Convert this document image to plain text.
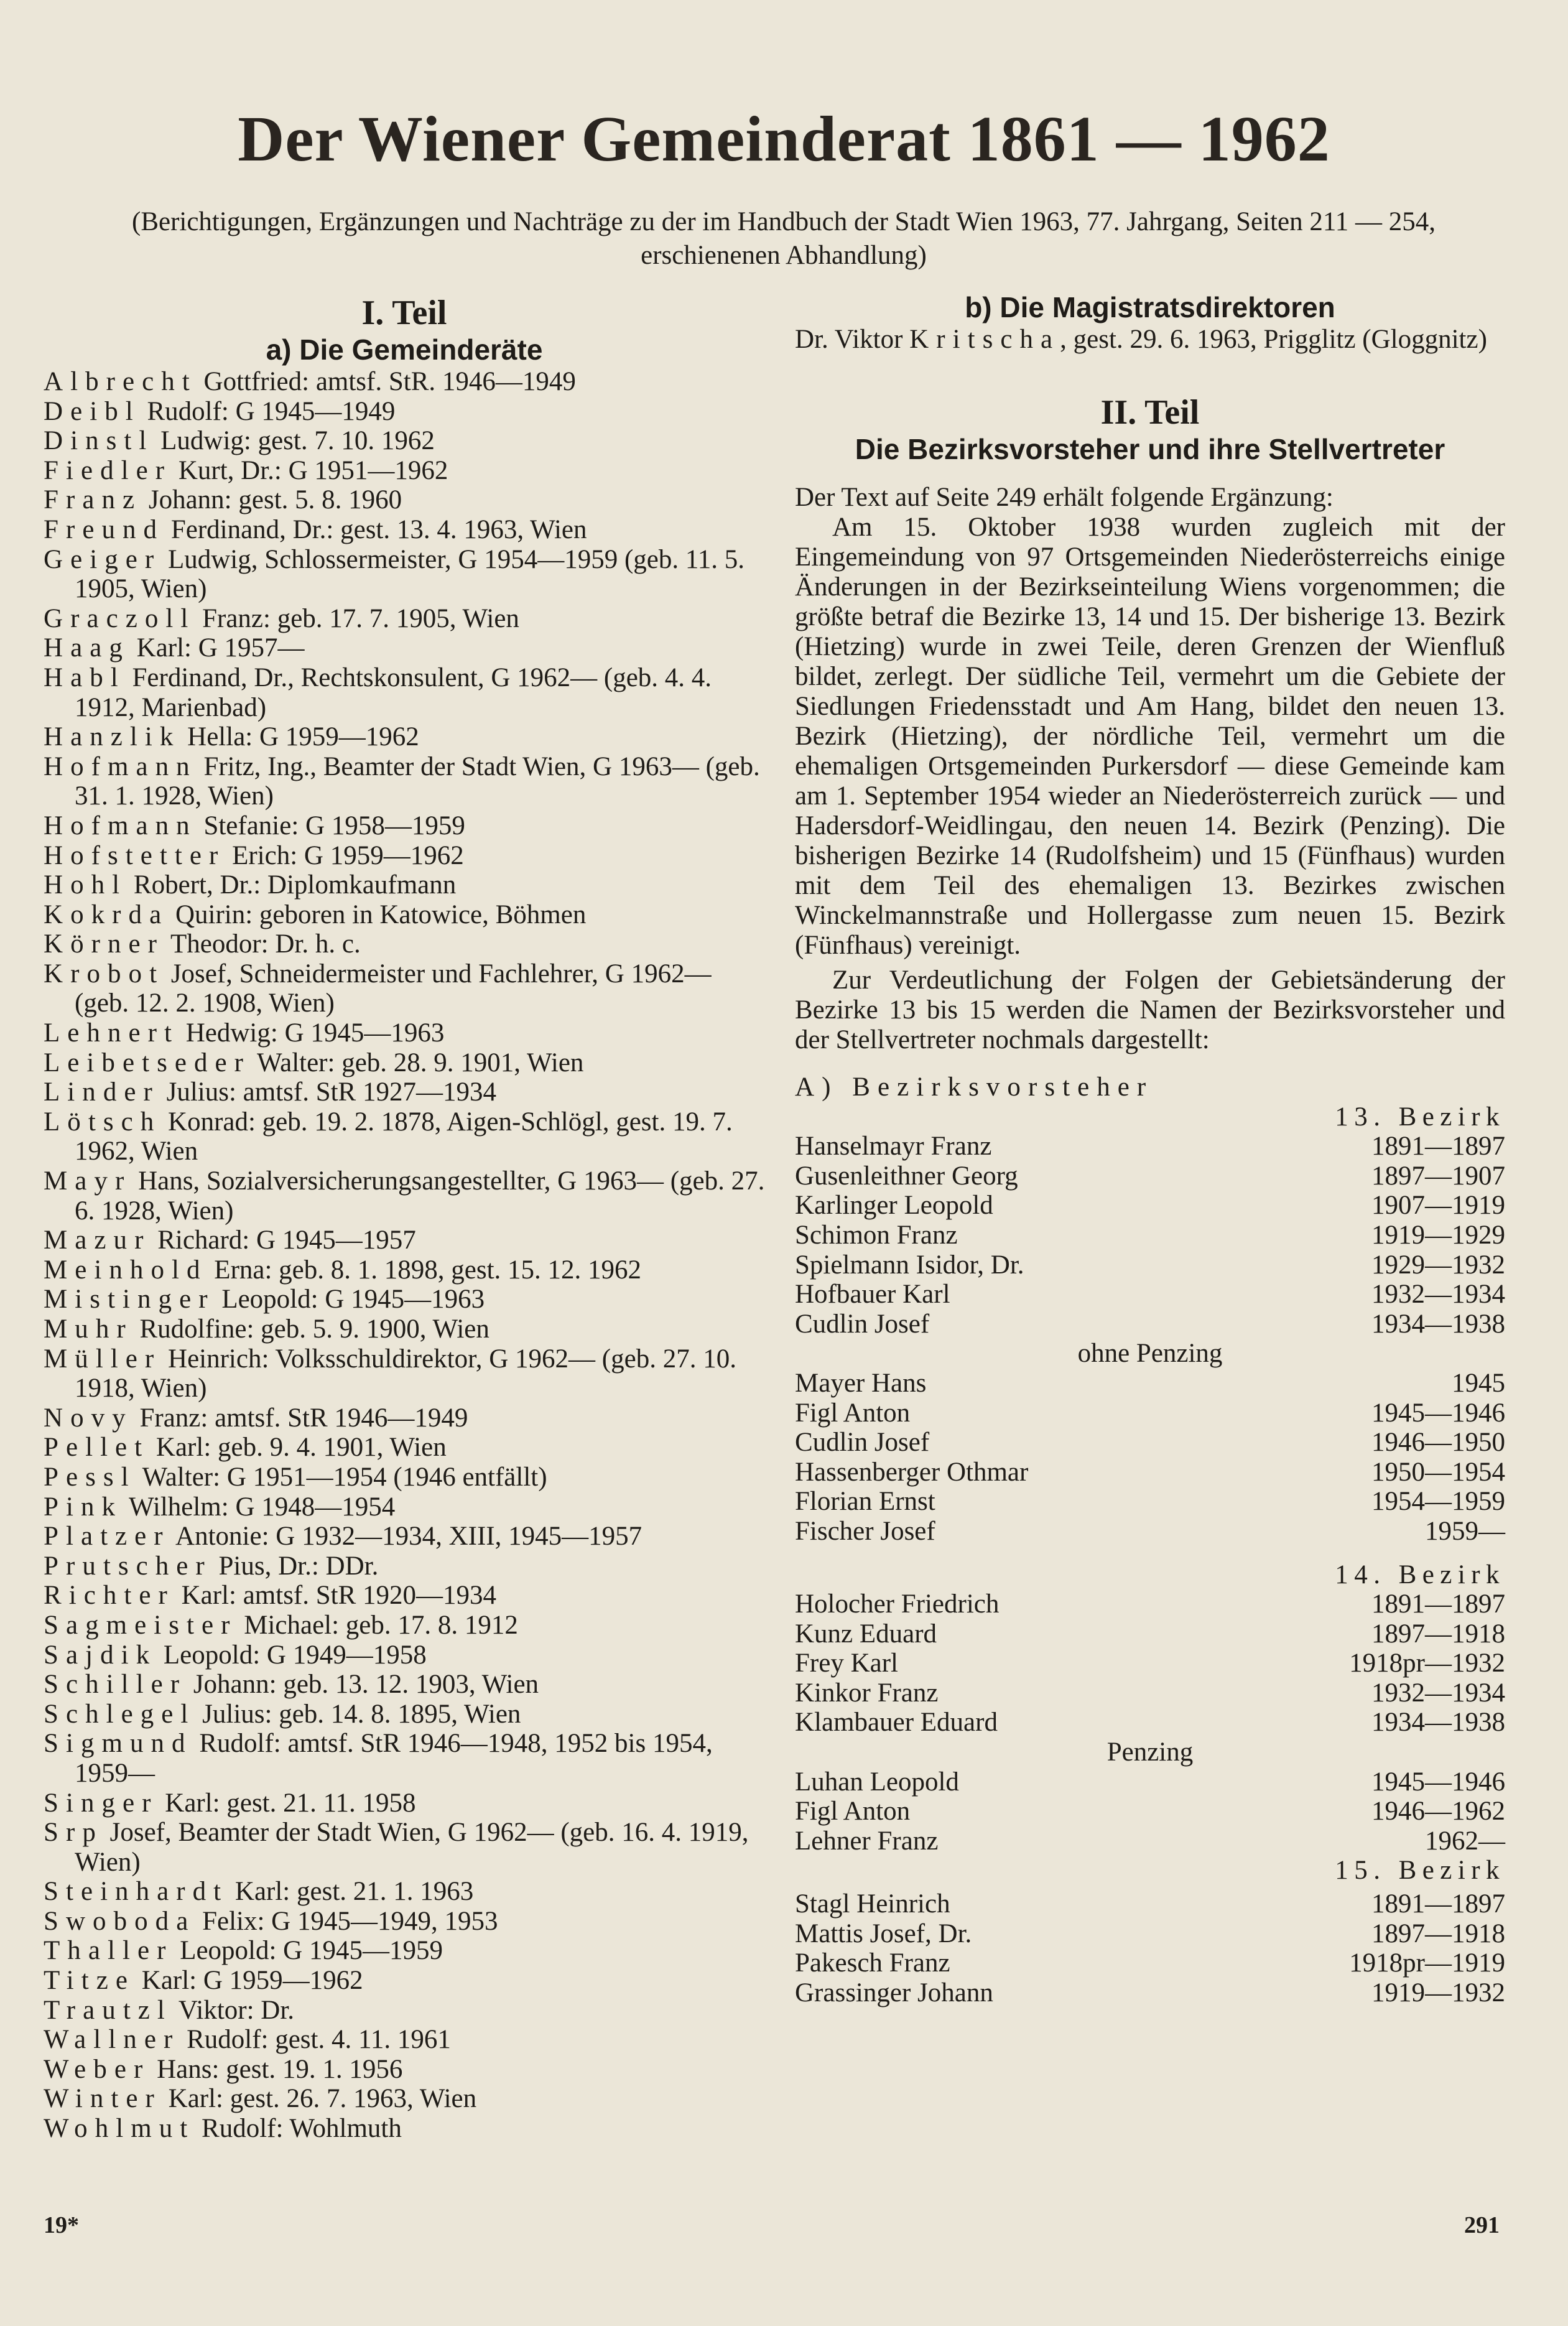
Der Wiener Gemeinderat 1861 — 1962
(Berichtigungen, Ergänzungen und Nachträge zu der im Handbuch der Stadt Wien 1963, 77. Jahrgang, Seiten 211 — 254, erschienenen Abhandlung)
I. Teil
a) Die Gemeinderäte
Albrecht Gottfried: amtsf. StR. 1946—1949
Deibl Rudolf: G 1945—1949
Dinstl Ludwig: gest. 7. 10. 1962
Fiedler Kurt, Dr.: G 1951—1962
Franz Johann: gest. 5. 8. 1960
Freund Ferdinand, Dr.: gest. 13. 4. 1963, Wien
Geiger Ludwig, Schlossermeister, G 1954—1959 (geb. 11. 5. 1905, Wien)
Graczoll Franz: geb. 17. 7. 1905, Wien
Haag Karl: G 1957—
Habl Ferdinand, Dr., Rechtskonsulent, G 1962— (geb. 4. 4. 1912, Marienbad)
Hanzlik Hella: G 1959—1962
Hofmann Fritz, Ing., Beamter der Stadt Wien, G 1963— (geb. 31. 1. 1928, Wien)
Hofmann Stefanie: G 1958—1959
Hofstetter Erich: G 1959—1962
Hohl Robert, Dr.: Diplomkaufmann
Kokrda Quirin: geboren in Katowice, Böhmen
Körner Theodor: Dr. h. c.
Krobot Josef, Schneidermeister und Fachlehrer, G 1962— (geb. 12. 2. 1908, Wien)
Lehnert Hedwig: G 1945—1963
Leibetseder Walter: geb. 28. 9. 1901, Wien
Linder Julius: amtsf. StR 1927—1934
Lötsch Konrad: geb. 19. 2. 1878, Aigen-Schlögl, gest. 19. 7. 1962, Wien
Mayr Hans, Sozialversicherungsangestellter, G 1963— (geb. 27. 6. 1928, Wien)
Mazur Richard: G 1945—1957
Meinhold Erna: geb. 8. 1. 1898, gest. 15. 12. 1962
Mistinger Leopold: G 1945—1963
Muhr Rudolfine: geb. 5. 9. 1900, Wien
Müller Heinrich: Volksschuldirektor, G 1962— (geb. 27. 10. 1918, Wien)
Novy Franz: amtsf. StR 1946—1949
Pellet Karl: geb. 9. 4. 1901, Wien
Pessl Walter: G 1951—1954 (1946 entfällt)
Pink Wilhelm: G 1948—1954
Platzer Antonie: G 1932—1934, XIII, 1945—1957
Prutscher Pius, Dr.: DDr.
Richter Karl: amtsf. StR 1920—1934
Sagmeister Michael: geb. 17. 8. 1912
Sajdik Leopold: G 1949—1958
Schiller Johann: geb. 13. 12. 1903, Wien
Schlegel Julius: geb. 14. 8. 1895, Wien
Sigmund Rudolf: amtsf. StR 1946—1948, 1952 bis 1954, 1959—
Singer Karl: gest. 21. 11. 1958
Srp Josef, Beamter der Stadt Wien, G 1962— (geb. 16. 4. 1919, Wien)
Steinhardt Karl: gest. 21. 1. 1963
Swoboda Felix: G 1945—1949, 1953
Thaller Leopold: G 1945—1959
Titze Karl: G 1959—1962
Trautzl Viktor: Dr.
Wallner Rudolf: gest. 4. 11. 1961
Weber Hans: gest. 19. 1. 1956
Winter Karl: gest. 26. 7. 1963, Wien
Wohlmut Rudolf: Wohlmuth
b) Die Magistratsdirektoren
Dr. Viktor Kritscha, gest. 29. 6. 1963, Prigglitz (Gloggnitz)
II. Teil
Die Bezirksvorsteher und ihre Stellvertreter
Der Text auf Seite 249 erhält folgende Ergänzung:
Am 15. Oktober 1938 wurden zugleich mit der Eingemeindung von 97 Ortsgemeinden Niederösterreichs einige Änderungen in der Bezirkseinteilung Wiens vorgenommen; die größte betraf die Bezirke 13, 14 und 15. Der bisherige 13. Bezirk (Hietzing) wurde in zwei Teile, deren Grenzen der Wienfluß bildet, zerlegt. Der südliche Teil, vermehrt um die Gebiete der Siedlungen Friedensstadt und Am Hang, bildet den neuen 13. Bezirk (Hietzing), der nördliche Teil, vermehrt um die ehemaligen Ortsgemeinden Purkersdorf — diese Gemeinde kam am 1. September 1954 wieder an Niederösterreich zurück — und Hadersdorf-Weidlingau, den neuen 14. Bezirk (Penzing). Die bisherigen Bezirke 14 (Rudolfsheim) und 15 (Fünfhaus) wurden mit dem Teil des ehemaligen 13. Bezirkes zwischen Winckelmannstraße und Hollergasse zum neuen 15. Bezirk (Fünfhaus) vereinigt.
Zur Verdeutlichung der Folgen der Gebietsänderung der Bezirke 13 bis 15 werden die Namen der Bezirksvorsteher und der Stellvertreter nochmals dargestellt:
A) Bezirksvorsteher
13. Bezirk
Hanselmayr Franz	1891—1897
Gusenleithner Georg	1897—1907
Karlinger Leopold	1907—1919
Schimon Franz	1919—1929
Spielmann Isidor, Dr.	1929—1932
Hofbauer Karl	1932—1934
Cudlin Josef	1934—1938
ohne Penzing
Mayer Hans	1945
Figl Anton	1945—1946
Cudlin Josef	1946—1950
Hassenberger Othmar	1950—1954
Florian Ernst	1954—1959
Fischer Josef	1959—
14. Bezirk
Holocher Friedrich	1891—1897
Kunz Eduard	1897—1918
Frey Karl	1918pr—1932
Kinkor Franz	1932—1934
Klambauer Eduard	1934—1938
Penzing
Luhan Leopold	1945—1946
Figl Anton	1946—1962
Lehner Franz	1962—
15. Bezirk
Stagl Heinrich	1891—1897
Mattis Josef, Dr.	1897—1918
Pakesch Franz	1918pr—1919
Grassinger Johann	1919—1932
19*	291
